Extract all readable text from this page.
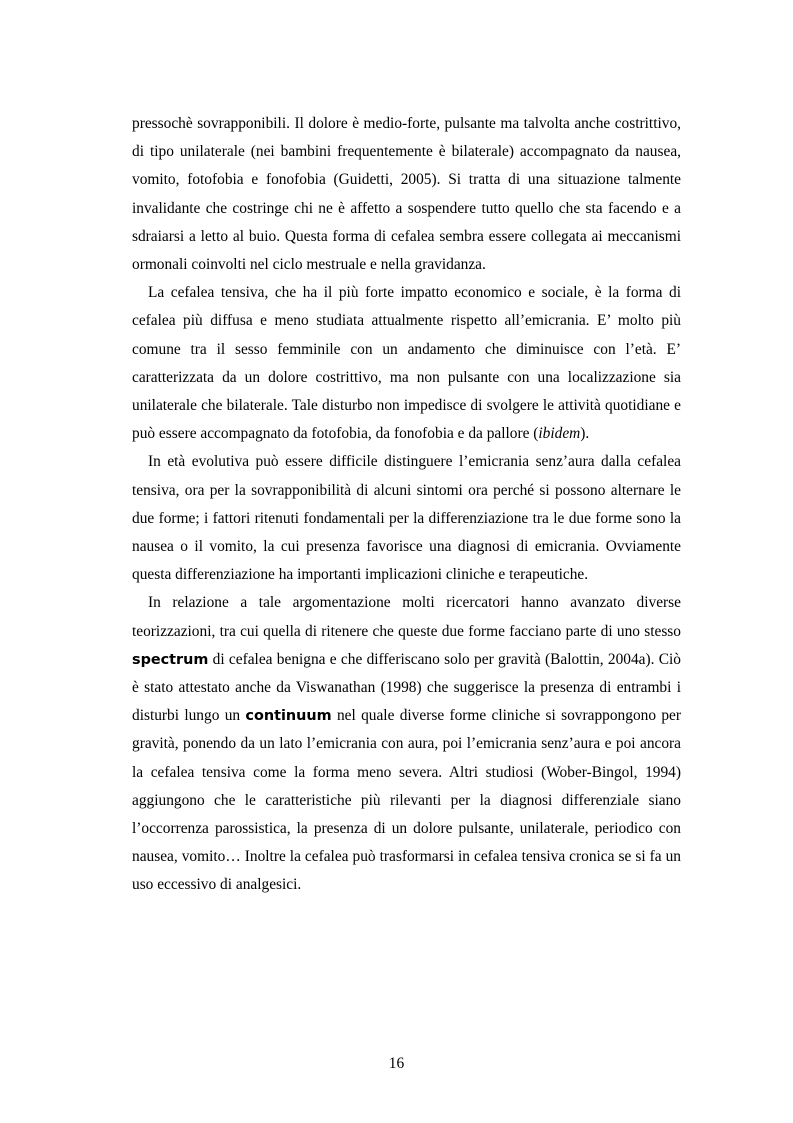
pressochè sovrapponibili. Il dolore è medio-forte, pulsante ma talvolta anche costrittivo, di tipo unilaterale (nei bambini frequentemente è bilaterale) accompagnato da nausea, vomito, fotofobia e fonofobia (Guidetti, 2005). Si tratta di una situazione talmente invalidante che costringe chi ne è affetto a sospendere tutto quello che sta facendo e a sdraiarsi a letto al buio. Questa forma di cefalea sembra essere collegata ai meccanismi ormonali coinvolti nel ciclo mestruale e nella gravidanza.

La cefalea tensiva, che ha il più forte impatto economico e sociale, è la forma di cefalea più diffusa e meno studiata attualmente rispetto all’emicrania. E’ molto più comune tra il sesso femminile con un andamento che diminuisce con l’età. E’ caratterizzata da un dolore costrittivo, ma non pulsante con una localizzazione sia unilaterale che bilaterale. Tale disturbo non impedisce di svolgere le attività quotidiane e può essere accompagnato da fotofobia, da fonofobia e da pallore (ibidem).

In età evolutiva può essere difficile distinguere l’emicrania senz’aura dalla cefalea tensiva, ora per la sovrapponibilità di alcuni sintomi ora perché si possono alternare le due forme; i fattori ritenuti fondamentali per la differenziazione tra le due forme sono la nausea o il vomito, la cui presenza favorisce una diagnosi di emicrania. Ovviamente questa differenziazione ha importanti implicazioni cliniche e terapeutiche.

In relazione a tale argomentazione molti ricercatori hanno avanzato diverse teorizzazioni, tra cui quella di ritenere che queste due forme facciano parte di uno stesso spectrum di cefalea benigna e che differiscano solo per gravità (Balottin, 2004a). Ciò è stato attestato anche da Viswanathan (1998) che suggerisce la presenza di entrambi i disturbi lungo un continuum nel quale diverse forme cliniche si sovrappongono per gravità, ponendo da un lato l’emicrania con aura, poi l’emicrania senz’aura e poi ancora la cefalea tensiva come la forma meno severa. Altri studiosi (Wober-Bingol, 1994) aggiungono che le caratteristiche più rilevanti per la diagnosi differenziale siano l’occorrenza parossistica, la presenza di un dolore pulsante, unilaterale, periodico con nausea, vomito… Inoltre la cefalea può trasformarsi in cefalea tensiva cronica se si fa un uso eccessivo di analgesici.

16
